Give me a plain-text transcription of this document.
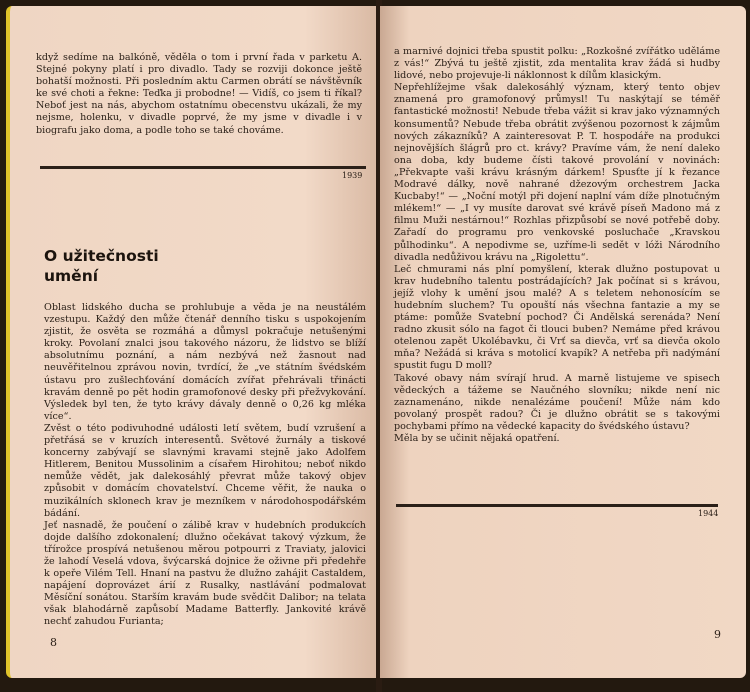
když sedíme na balkóně, věděla o tom i první řada v parketu A. Stejné pokyny platí i pro divadlo. Tady se rozviji dokonce ještě bohatší možnosti. Při posledním aktu Carmen obrátí se návštěvník ke své choti a řekne: Teďka ji probodne! — Vidíš, co jsem ti říkal? Neboť jest na nás, abychom ostatnímu obecenstvu ukázali, že my nejsme, holenku, v divadle poprvé, že my jsme v divadle i v biografu jako doma, a podle toho se také chováme.

1939
O užitečnosti
umění

Oblast lidského ducha se prohlubuje a věda je na neustálém vzestupu. Každý den může čtenář denního tisku s uspokojením zjistit, že osvěta se rozmáhá a důmysl pokračuje netušenými kroky. Povolaní znalci jsou takového názoru, že lidstvo se blíží absolutnímu poznání, a nám nezbývá než žasnout nad neuvěřitelnou zprávou novin, tvrdící, že „ve státním švédském ústavu pro zušlechťování domácích zvířat přehrávali třinácti kravám denně po pět hodin gramofonové desky při přežvykování. Výsledek byl ten, že tyto krávy dávaly denně o 0,26 kg mléka více“.

Zvěst o této podivuhodné události letí světem, budí vzrušení a přetřásá se v kruzích interesentů. Světové žurnály a tiskové koncerny zabývají se slavnými kravami stejně jako Adolfem Hitlerem, Benitou Mussolinim a císařem Hirohitou; neboť nikdo nemůže vědět, jak dalekosáhlý převrat může takový objev způsobit v domácím chovatelství. Chceme věřit, že nauka o muzikálních sklonech krav je mezníkem v národohospodářském bádání.

Jeť nasnadě, že poučení o zálibě krav v hudebních produkcích dojde dalšího zdokonalení; dlužno očekávat takový výzkum, že třírožce prospívá netušenou měrou potpourri z Traviaty, jalovici že lahodí Veselá vdova, švýcarská dojnice že oživne při předehře k opeře Vilém Tell. Hnaní na pastvu že dlužno zahájit Castaldem, napájení doprovázet árií z Rusalky, nastlávání podmalovat Měsíční sonátou. Starším kravám bude svědčit Dalibor; na telata však blahodárně zapůsobí Madame Batterfly. Jankovité krávě nechť zahudou Furianta;

8

a marnivé dojnici třeba spustit polku: „Rozkošné zvířátko uděláme z vás!“ Zbývá tu ještě zjistit, zda mentalita krav žádá si hudby lidové, nebo projevuje-li náklonnost k dílům klasickým.

Nepřehlížejme však dalekosáhlý význam, který tento objev znamená pro gramofonový průmysl! Tu naskýtají se téměř fantastické možnosti! Nebude třeba vážit si krav jako významných konsumentů? Nebude třeba obrátit zvýšenou pozornost k zájmům nových zákazníků? A zainteresovat P. T. hospodáře na produkci nejnovějších šlágrů pro ct. krávy? Pravíme vám, že není daleko ona doba, kdy budeme čísti takové provolání v novinách: „Překvapte vaši krávu krásným dárkem! Spusťte jí k řezance Modravé dálky, nově nahrané džezovým orchestrem Jacka Kucbaby!“ — „Noční motýl při dojení naplní vám díže plnotučným mlékem!“ — „I vy musíte darovat své krávě píseň Madono má z filmu Muži nestárnou!“ Rozhlas přizpůsobí se nové potřebě doby. Zařadí do programu pro venkovské posluchače „Kravskou půlhodinku“. A nepodivme se, uzříme-li sedět v lóži Národního divadla nedůživou krávu na „Rigolettu“.

Leč chmurami nás plní pomyšlení, kterak dlužno postupovat u krav hudebního talentu postrádajících? Jak počínat si s krávou, jejíž vlohy k umění jsou malé? A s teletem nehonosícím se hudebním sluchem? Tu opouští nás všechna fantazie a my se ptáme: pomůže Svatební pochod? Či Andělská serenáda? Není radno zkusit sólo na fagot či tlouci buben? Nemáme před krávou otelenou zapět Ukolébavku, či Vrť sa dievča, vrť sa dievča okolo mňa? Nežádá si kráva s motolicí kvapík? A netřeba při nadýmání spustit fugu D moll?

Takové obavy nám svírají hrud. A marně listujeme ve spisech vědeckých a tážeme se Naučného slovníku; nikde není nic zaznamenáno, nikde nenalézáme poučení! Může nám kdo povolaný prospět radou? Či je dlužno obrátit se s takovými pochybami přímo na vědecké kapacity do švédského ústavu?

Měla by se učinit nějaká opatření.

1944
9
